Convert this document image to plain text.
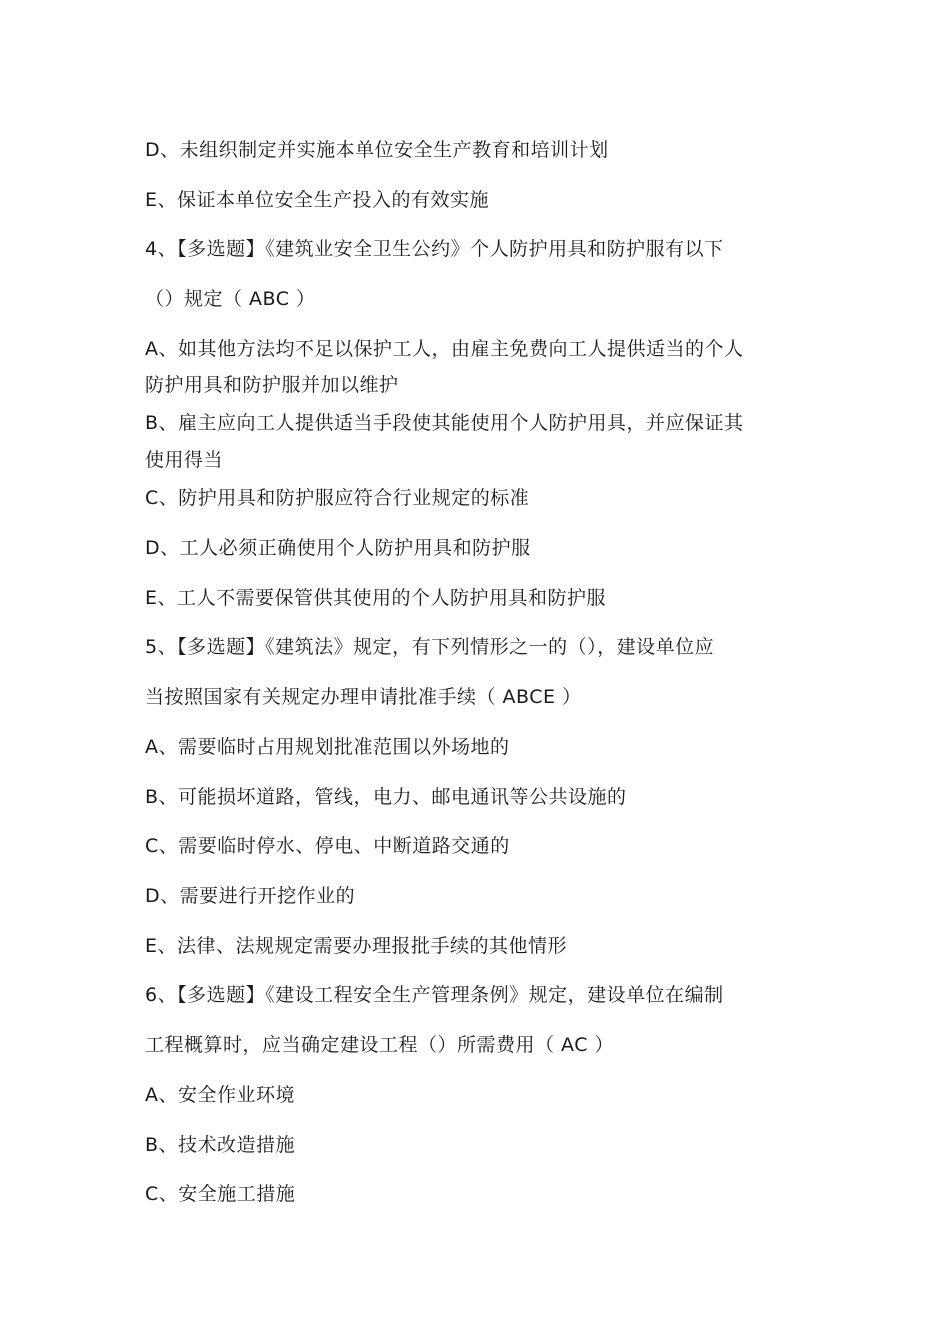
D、未组织制定并实施本单位安全生产教育和培训计划
E、保证本单位安全生产投入的有效实施
4、【多选题】《建筑业安全卫生公约》个人防护用具和防护服有以下
（）规定（ ABC ）
A、如其他方法均不足以保护工人，由雇主免费向工人提供适当的个人
防护用具和防护服并加以维护
B、雇主应向工人提供适当手段使其能使用个人防护用具，并应保证其
使用得当
C、防护用具和防护服应符合行业规定的标准
D、工人必须正确使用个人防护用具和防护服
E、工人不需要保管供其使用的个人防护用具和防护服
5、【多选题】《建筑法》规定，有下列情形之一的（），建设单位应
当按照国家有关规定办理申请批准手续（ ABCE ）
A、需要临时占用规划批准范围以外场地的
B、可能损坏道路，管线，电力、邮电通讯等公共设施的
C、需要临时停水、停电、中断道路交通的
D、需要进行开挖作业的
E、法律、法规规定需要办理报批手续的其他情形
6、【多选题】《建设工程安全生产管理条例》规定，建设单位在编制
工程概算时，应当确定建设工程（）所需费用（ AC ）
A、安全作业环境
B、技术改造措施
C、安全施工措施
